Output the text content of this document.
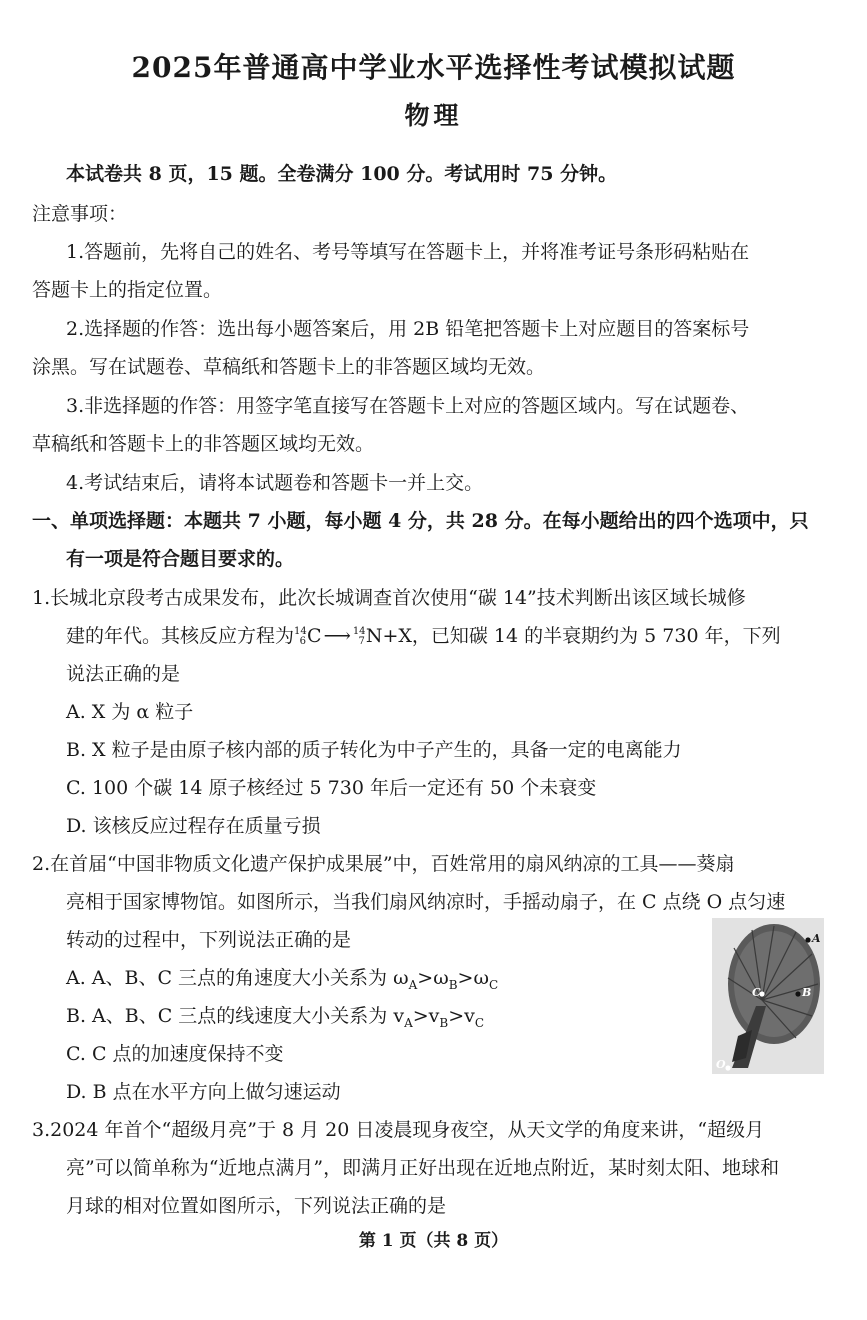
2025年普通高中学业水平选择性考试模拟试题
物理
本试卷共 8 页，15 题。全卷满分 100 分。考试用时 75 分钟。
注意事项：
1.答题前，先将自己的姓名、考号等填写在答题卡上，并将准考证号条形码粘贴在
答题卡上的指定位置。
2.选择题的作答：选出每小题答案后，用 2B 铅笔把答题卡上对应题目的答案标号
涂黑。写在试题卷、草稿纸和答题卡上的非答题区域均无效。
3.非选择题的作答：用签字笔直接写在答题卡上对应的答题区域内。写在试题卷、
草稿纸和答题卡上的非答题区域均无效。
4.考试结束后，请将本试题卷和答题卡一并上交。
一、单项选择题：本题共 7 小题，每小题 4 分，共 28 分。在每小题给出的四个选项中，只
有一项是符合题目要求的。
1.长城北京段考古成果发布，此次长城调查首次使用“碳 14”技术判断出该区域长城修
建的年代。其核反应方程为 14
6 C ⟶ 14
7 N+X，已知碳 14 的半衰期约为 5 730 年，下列
说法正确的是
A. X 为 α 粒子
B. X 粒子是由原子核内部的质子转化为中子产生的，具备一定的电离能力
C. 100 个碳 14 原子核经过 5 730 年后一定还有 50 个未衰变
D. 该核反应过程存在质量亏损
2.在首届“中国非物质文化遗产保护成果展”中，百姓常用的扇风纳凉的工具——葵扇
亮相于国家博物馆。如图所示，当我们扇风纳凉时，手摇动扇子，在 C 点绕 O 点匀速
转动的过程中，下列说法正确的是
A. A、B、C 三点的角速度大小关系为 $\omega_A>\omega_B>\omega_C$
B. A、B、C 三点的线速度大小关系为 $v_A>v_B>v_C$
C. C 点的加速度保持不变
D. B 点在水平方向上做匀速运动
A
B
C
O
3.2024 年首个“超级月亮”于 8 月 20 日凌晨现身夜空，从天文学的角度来讲，“超级月
亮”可以简单称为“近地点满月”，即满月正好出现在近地点附近，某时刻太阳、地球和
月球的相对位置如图所示，下列说法正确的是
第 1 页（共 8 页）
